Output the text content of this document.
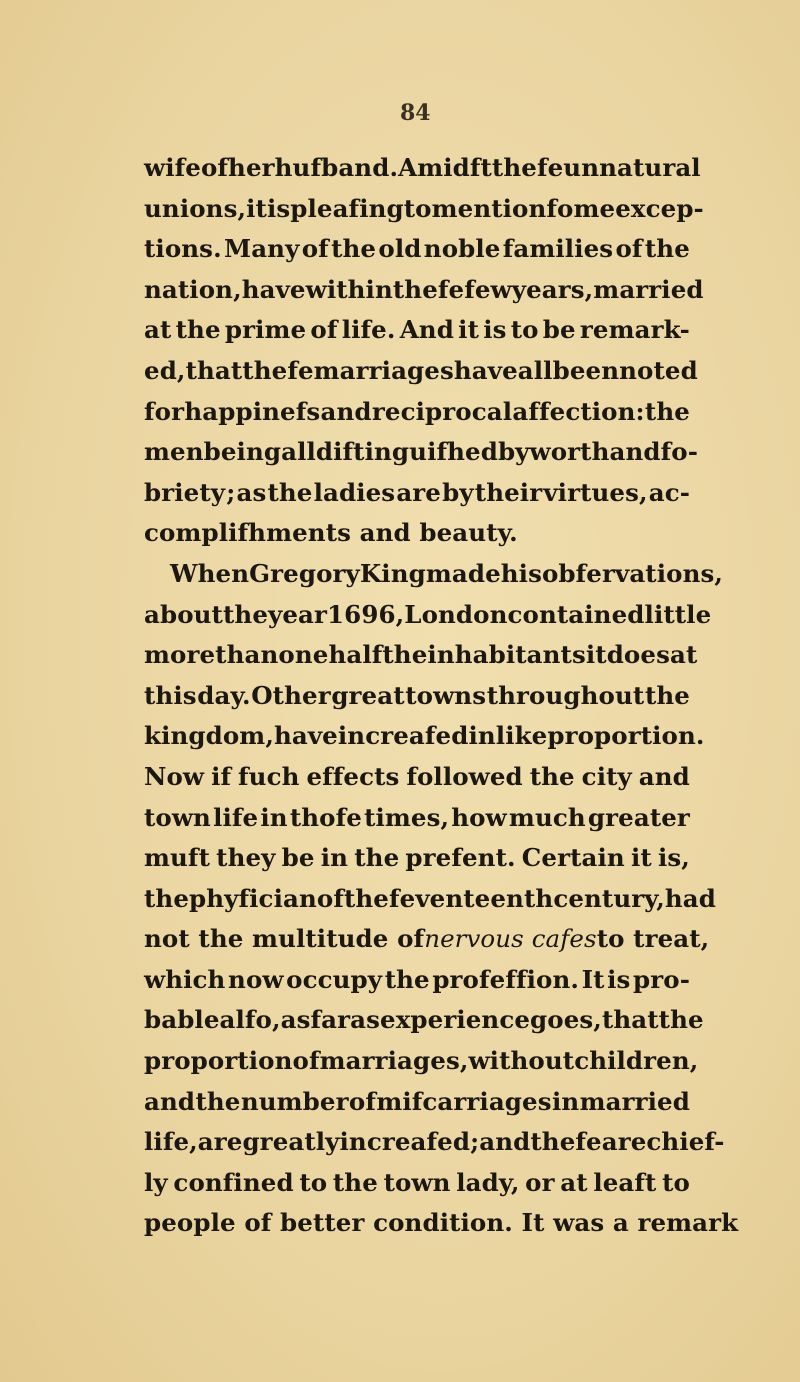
84
wife of her hufband. Amidft thefe unnatural
unions, it is pleafing to mention fome excep-
tions. Many of the old noble families of the
nation, have within thefe few years, married
at the prime of life. And it is to be remark-
ed, that thefe marriages have all been noted
for happinefs and reciprocal affection: the
men being all diftinguifhed by worth and fo-
briety ; as the ladies are by their virtues, ac-
complifhments and beauty.
When Gregory King made his obfervations,
about the year 1696, London contained little
more than one half the inhabitants it does at
this day. Other great towns throughout the
kingdom, have increafed in like proportion.
Now if fuch effects followed the city and
town life in thofe times, how much greater
muft they be in the prefent. Certain it is,
the phyfician of the feventeenth century, had
not the multitude of nervous cafes to treat,
which now occupy the profeffion. It is pro-
bable alfo, as far as experience goes, that the
proportion of marriages, without children,
and the number of mifcarriages in married
life, are greatly increafed ; and thefe are chief-
ly confined to the town lady, or at leaft to
people of better condition. It was a remark
